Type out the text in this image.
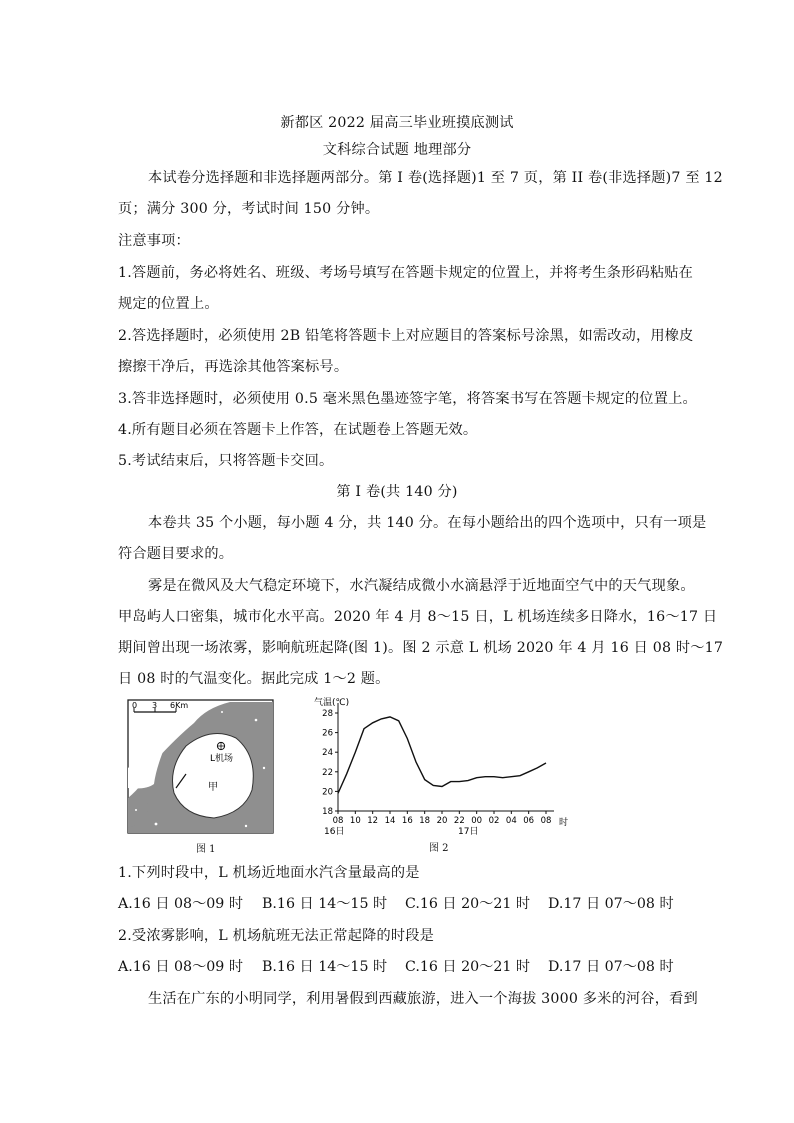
新都区 2022 届高三毕业班摸底测试
文科综合试题 地理部分
本试卷分选择题和非选择题两部分。第 I 卷(选择题)1 至 7 页，第 II 卷(非选择题)7 至 12
页；满分 300 分，考试时间 150 分钟。
注意事项：
1.答题前，务必将姓名、班级、考场号填写在答题卡规定的位置上，并将考生条形码粘贴在
规定的位置上。
2.答选择题时，必须使用 2B 铅笔将答题卡上对应题目的答案标号涂黑，如需改动，用橡皮
擦擦干净后，再选涂其他答案标号。
3.答非选择题时，必须使用 0.5 毫米黑色墨迹签字笔，将答案书写在答题卡规定的位置上。
4.所有题目必须在答题卡上作答，在试题卷上答题无效。
5.考试结束后，只将答题卡交回。
第 I 卷(共 140 分)
本卷共 35 个小题，每小题 4 分，共 140 分。在每小题给出的四个选项中，只有一项是
符合题目要求的。
雾是在微风及大气稳定环境下，水汽凝结成微小水滴悬浮于近地面空气中的天气现象。
甲岛屿人口密集，城市化水平高。2020 年 4 月 8～15 日，L 机场连续多日降水，16～17 日
期间曾出现一场浓雾，影响航班起降(图 1)。图 2 示意 L 机场 2020 年 4 月 16 日 08 时～17
日 08 时的气温变化。据此完成 1～2 题。
0 3 6Km
L机场
甲
图 1
18
20
22
24
26
28
08 10 12 14 16 18 20 22 00 02 04 06 08
气温(℃)
时
16日	17日
图 2
1.下列时段中，L 机场近地面水汽含量最高的是
A.16 日 08～09 时 B.16 日 14～15 时 C.16 日 20～21 时 D.17 日 07～08 时
2.受浓雾影响，L 机场航班无法正常起降的时段是
A.16 日 08～09 时 B.16 日 14～15 时 C.16 日 20～21 时 D.17 日 07～08 时
生活在广东的小明同学，利用暑假到西藏旅游，进入一个海拔 3000 多米的河谷，看到
